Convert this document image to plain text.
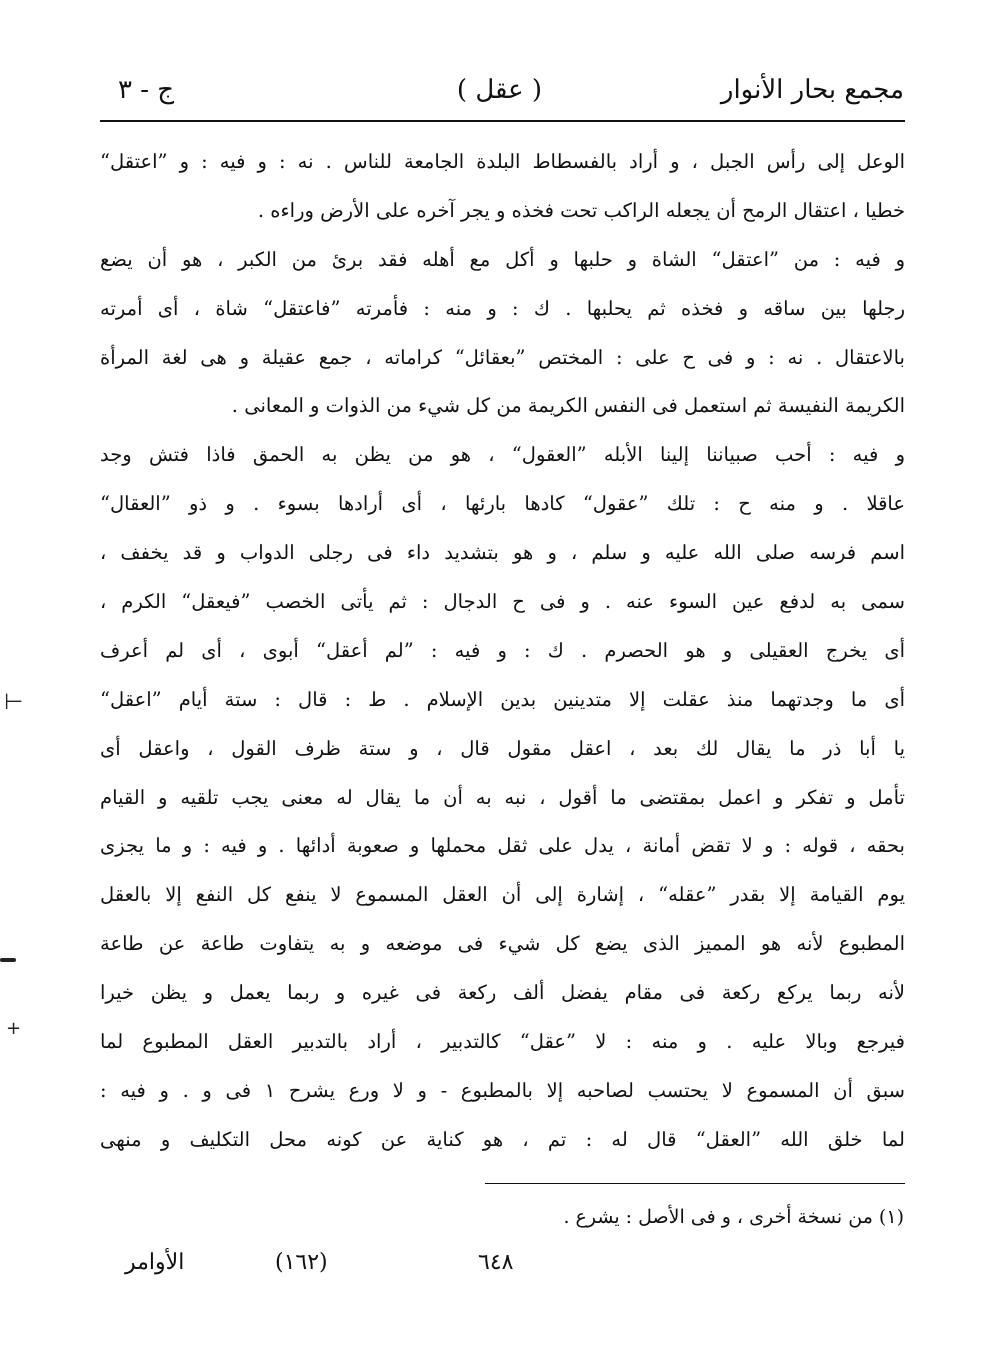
مجمع بحار الأنوار
( عقل )
ج - ٣
الوعل إلى رأس الجبل ، و أراد بالفسطاط البلدة الجامعة للناس . نه : و فيه : و ”اعتقل“
خطيا ، اعتقال الرمح أن يجعله الراكب تحت فخذه و يجر آخره على الأرض وراءه .
و فيه : من ”اعتقل“ الشاة و حلبها و أكل مع أهله فقد برئ من الكبر ، هو أن يضع
رجلها بين ساقه و فخذه ثم يحلبها . ك : و منه : فأمرته ”فاعتقل“ شاة ، أى أمرته
بالاعتقال . نه : و فى ح على : المختص ”بعقائل“ كراماته ، جمع عقيلة و هى لغة المرأة
الكريمة النفيسة ثم استعمل فى النفس الكريمة من كل شيء من الذوات و المعانى .
و فيه : أحب صبياننا إلينا الأبله ”العقول“ ، هو من يظن به الحمق فاذا فتش وجد
عاقلا . و منه ح : تلك ”عقول“ كادها بارئها ، أى أرادها بسوء . و ذو ”العقال“
اسم فرسه صلى الله عليه و سلم ، و هو بتشديد داء فى رجلى الدواب و قد يخفف ،
سمى به لدفع عين السوء عنه . و فى ح الدجال : ثم يأتى الخصب ”فيعقل“ الكرم ،
أى يخرج العقيلى و هو الحصرم . ك : و فيه : ”لم أعقل“ أبوى ، أى لم أعرف
أى ما وجدتهما منذ عقلت إلا متدينين بدين الإسلام . ط : قال : ستة أيام ”اعقل“
يا أبا ذر ما يقال لك بعد ، اعقل مقول قال ، و ستة ظرف القول ، واعقل أى
تأمل و تفكر و اعمل بمقتضى ما أقول ، نبه به أن ما يقال له معنى يجب تلقيه و القيام
بحقه ، قوله : و لا تقض أمانة ، يدل على ثقل محملها و صعوبة أدائها . و فيه : و ما يجزى
يوم القيامة إلا بقدر ”عقله“ ، إشارة إلى أن العقل المسموع لا ينفع كل النفع إلا بالعقل
المطبوع لأنه هو المميز الذى يضع كل شيء فى موضعه و به يتفاوت طاعة عن طاعة
لأنه ربما يركع ركعة فى مقام يفضل ألف ركعة فى غيره و ربما يعمل و يظن خيرا
فيرجع وبالا عليه . و منه : لا ”عقل“ كالتدبير ، أراد بالتدبير العقل المطبوع لما
سبق أن المسموع لا يحتسب لصاحبه إلا بالمطبوع - و لا ورع يشرح ١ فى و . و فيه :
لما خلق الله ”العقل“ قال له : تم ، هو كناية عن كونه محل التكليف و منهى
(١) من نسخة أخرى ، و فى الأصل : يشرع .
الأوامر	(١٦٢)	٦٤٨
⊢
+
